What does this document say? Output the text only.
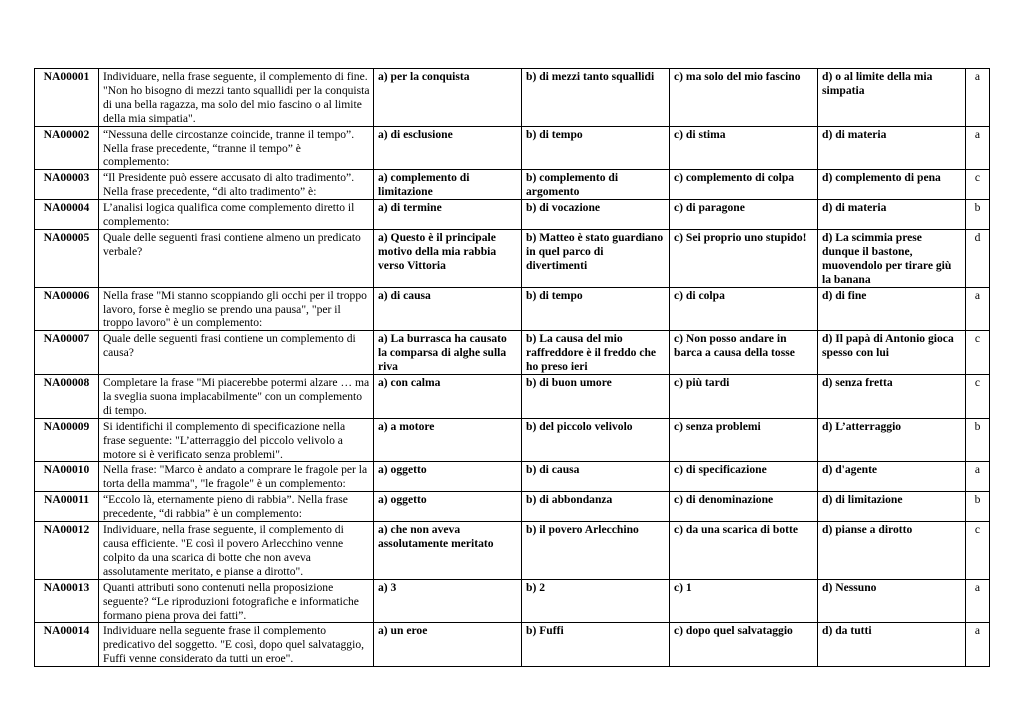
NA00001	Individuare, nella frase seguente, il complemento di fine. "Non ho bisogno di mezzi tanto squallidi per la conquista di una bella ragazza, ma solo del mio fascino o al limite della mia simpatia".	a) per la conquista	b) di mezzi tanto squallidi	c) ma solo del mio fascino	d) o al limite della mia simpatia	a
NA00002	“Nessuna delle circostanze coincide, tranne il tempo”. Nella frase precedente, “tranne il tempo” è complemento:	a) di esclusione	b) di tempo	c) di stima	d) di materia	a
NA00003	“Il Presidente può essere accusato di alto tradimento”. Nella frase precedente, “di alto tradimento” è:	a) complemento di limitazione	b) complemento di argomento	c) complemento di colpa	d) complemento di pena	c
NA00004	L’analisi logica qualifica come complemento diretto il complemento:	a) di termine	b) di vocazione	c) di paragone	d) di materia	b
NA00005	Quale delle seguenti frasi contiene almeno un predicato verbale?	a) Questo è il principale motivo della mia rabbia verso Vittoria	b) Matteo è stato guardiano in quel parco di divertimenti	c) Sei proprio uno stupido!	d) La scimmia prese dunque il bastone, muovendolo per tirare giù la banana	d
NA00006	Nella frase "Mi stanno scoppiando gli occhi per il troppo lavoro, forse è meglio se prendo una pausa", "per il troppo lavoro" è un complemento:	a) di causa	b) di tempo	c) di colpa	d) di fine	a
NA00007	Quale delle seguenti frasi contiene un complemento di causa?	a) La burrasca ha causato la comparsa di alghe sulla riva	b) La causa del mio raffreddore è il freddo che ho preso ieri	c) Non posso andare in barca a causa della tosse	d) Il papà di Antonio gioca spesso con lui	c
NA00008	Completare la frase "Mi piacerebbe potermi alzare … ma la sveglia suona implacabilmente" con un complemento di tempo.	a) con calma	b) di buon umore	c) più tardi	d) senza fretta	c
NA00009	Si identifichi il complemento di specificazione nella frase seguente: "L’atterraggio del piccolo velivolo a motore si è verificato senza problemi".	a) a motore	b) del piccolo velivolo	c) senza problemi	d) L’atterraggio	b
NA00010	Nella frase: "Marco è andato a comprare le fragole per la torta della mamma", "le fragole" è un complemento:	a) oggetto	b) di causa	c) di specificazione	d) d'agente	a
NA00011	“Eccolo là, eternamente pieno di rabbia”. Nella frase precedente, “di rabbia” è un complemento:	a) oggetto	b) di abbondanza	c) di denominazione	d) di limitazione	b
NA00012	Individuare, nella frase seguente, il complemento di causa efficiente. "E così il povero Arlecchino venne colpito da una scarica di botte che non aveva assolutamente meritato, e pianse a dirotto".	a) che non aveva assolutamente meritato	b) il povero Arlecchino	c) da una scarica di botte	d) pianse a dirotto	c
NA00013	Quanti attributi sono contenuti nella proposizione seguente? “Le riproduzioni fotografiche e informatiche formano piena prova dei fatti”.	a) 3	b) 2	c) 1	d) Nessuno	a
NA00014	Individuare nella seguente frase il complemento predicativo del soggetto. "E così, dopo quel salvataggio, Fuffi venne considerato da tutti un eroe".	a) un eroe	b) Fuffi	c) dopo quel salvataggio	d) da tutti	a
